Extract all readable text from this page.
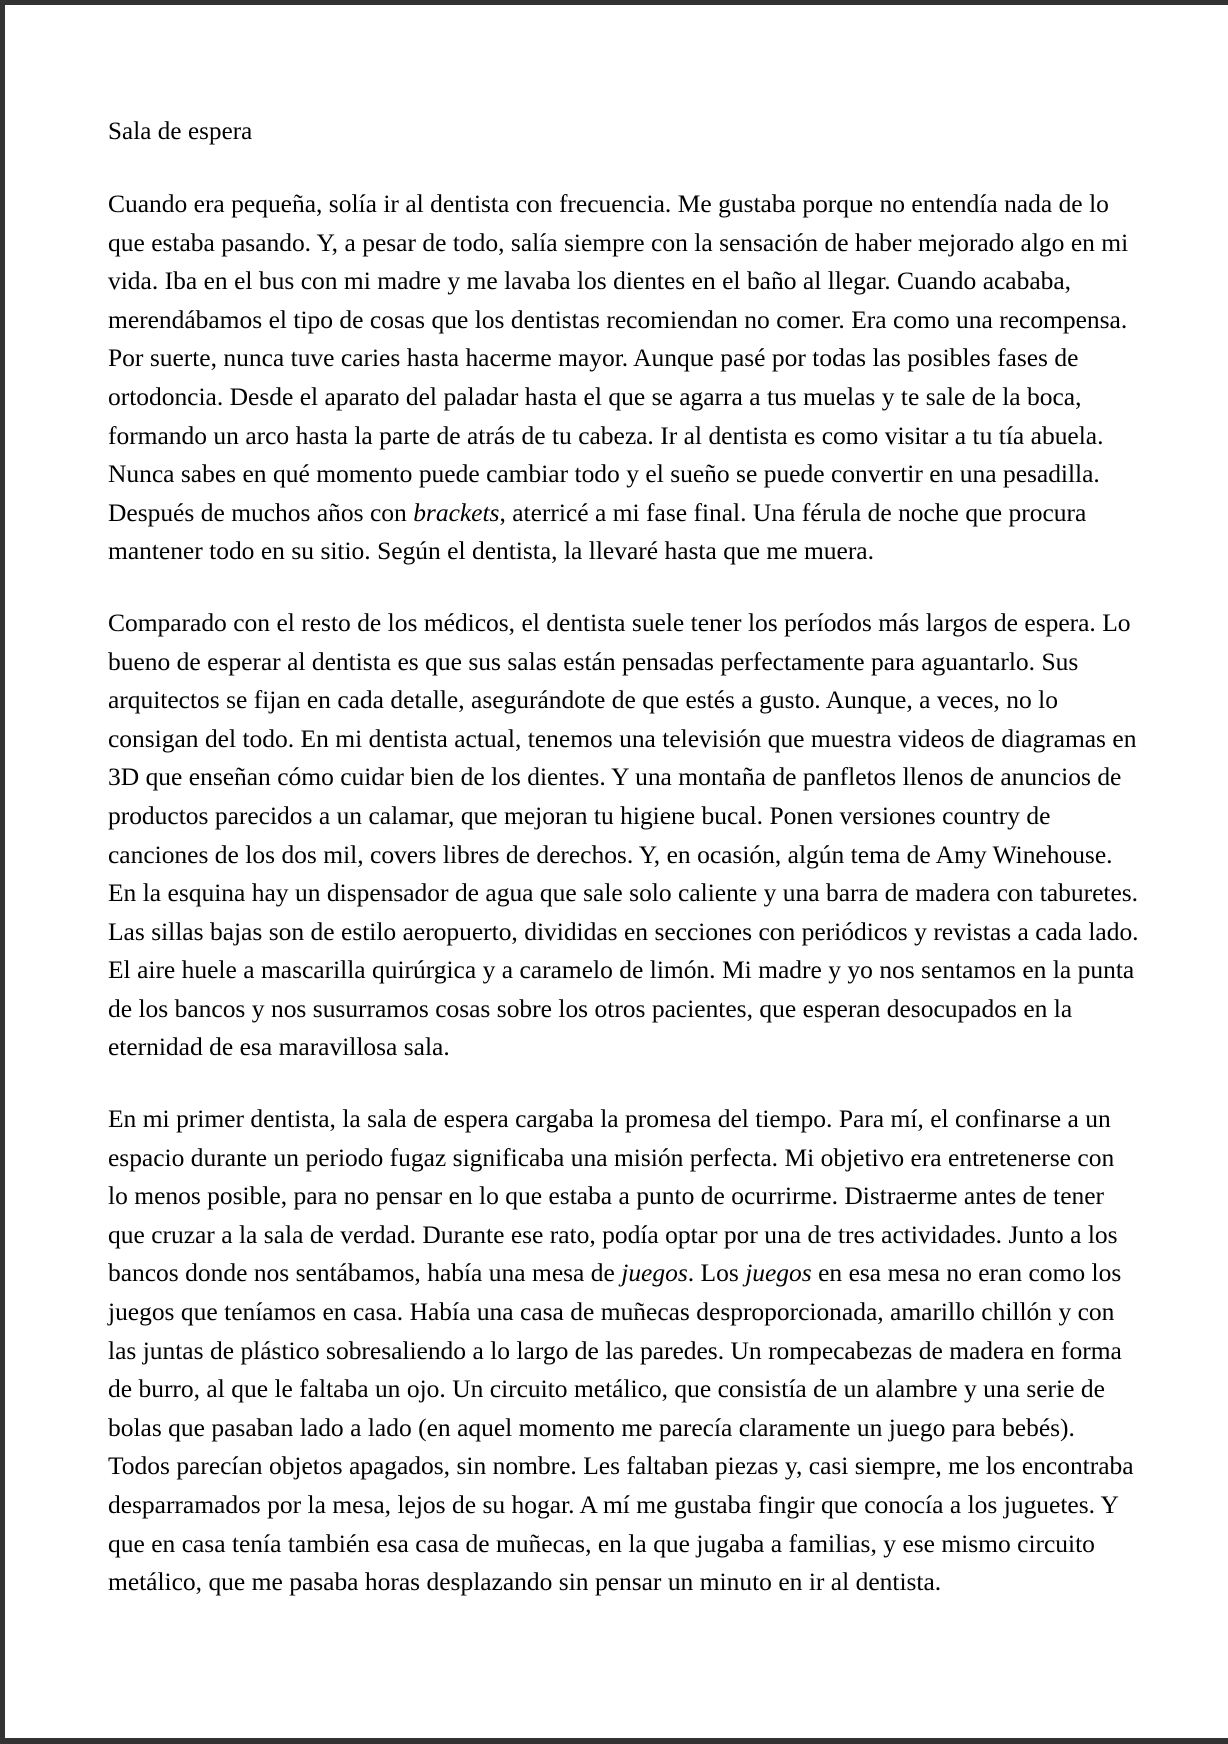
Sala de espera

Cuando era pequeña, solía ir al dentista con frecuencia. Me gustaba porque no entendía nada de lo que estaba pasando. Y, a pesar de todo, salía siempre con la sensación de haber mejorado algo en mi vida. Iba en el bus con mi madre y me lavaba los dientes en el baño al llegar. Cuando acababa, merendábamos el tipo de cosas que los dentistas recomiendan no comer. Era como una recompensa. Por suerte, nunca tuve caries hasta hacerme mayor. Aunque pasé por todas las posibles fases de ortodoncia. Desde el aparato del paladar hasta el que se agarra a tus muelas y te sale de la boca, formando un arco hasta la parte de atrás de tu cabeza. Ir al dentista es como visitar a tu tía abuela. Nunca sabes en qué momento puede cambiar todo y el sueño se puede convertir en una pesadilla. Después de muchos años con brackets, aterricé a mi fase final. Una férula de noche que procura mantener todo en su sitio. Según el dentista, la llevaré hasta que me muera.

Comparado con el resto de los médicos, el dentista suele tener los períodos más largos de espera. Lo bueno de esperar al dentista es que sus salas están pensadas perfectamente para aguantarlo. Sus arquitectos se fijan en cada detalle, asegurándote de que estés a gusto. Aunque, a veces, no lo consigan del todo. En mi dentista actual, tenemos una televisión que muestra videos de diagramas en 3D que enseñan cómo cuidar bien de los dientes. Y una montaña de panfletos llenos de anuncios de productos parecidos a un calamar, que mejoran tu higiene bucal. Ponen versiones country de canciones de los dos mil, covers libres de derechos. Y, en ocasión, algún tema de Amy Winehouse. En la esquina hay un dispensador de agua que sale solo caliente y una barra de madera con taburetes. Las sillas bajas son de estilo aeropuerto, divididas en secciones con periódicos y revistas a cada lado. El aire huele a mascarilla quirúrgica y a caramelo de limón. Mi madre y yo nos sentamos en la punta de los bancos y nos susurramos cosas sobre los otros pacientes, que esperan desocupados en la eternidad de esa maravillosa sala.

En mi primer dentista, la sala de espera cargaba la promesa del tiempo. Para mí, el confinarse a un espacio durante un periodo fugaz significaba una misión perfecta. Mi objetivo era entretenerse con lo menos posible, para no pensar en lo que estaba a punto de ocurrirme. Distraerme antes de tener que cruzar a la sala de verdad. Durante ese rato, podía optar por una de tres actividades. Junto a los bancos donde nos sentábamos, había una mesa de juegos. Los juegos en esa mesa no eran como los juegos que teníamos en casa. Había una casa de muñecas desproporcionada, amarillo chillón y con las juntas de plástico sobresaliendo a lo largo de las paredes. Un rompecabezas de madera en forma de burro, al que le faltaba un ojo. Un circuito metálico, que consistía de un alambre y una serie de bolas que pasaban lado a lado (en aquel momento me parecía claramente un juego para bebés). Todos parecían objetos apagados, sin nombre. Les faltaban piezas y, casi siempre, me los encontraba desparramados por la mesa, lejos de su hogar. A mí me gustaba fingir que conocía a los juguetes. Y que en casa tenía también esa casa de muñecas, en la que jugaba a familias, y ese mismo circuito metálico, que me pasaba horas desplazando sin pensar un minuto en ir al dentista.
